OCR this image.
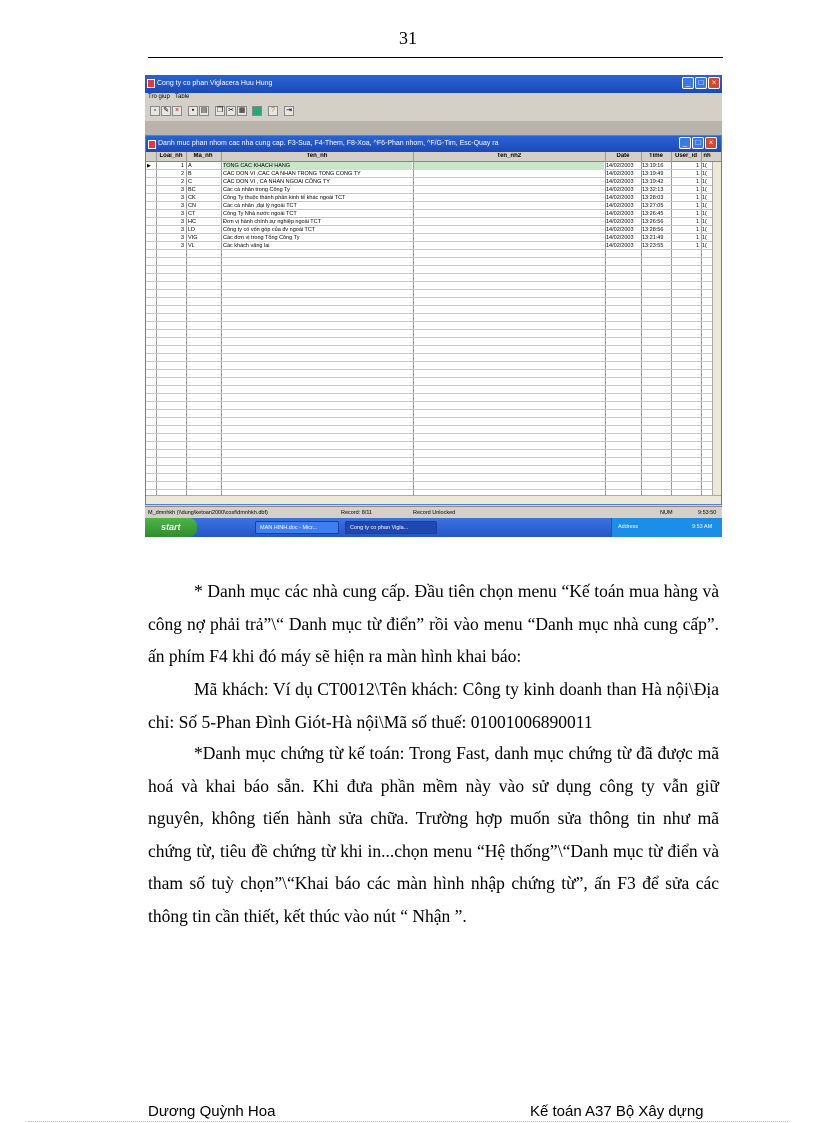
31
Cong ty co phan Viglacera Huu Hung	_	□	×
Tro giup Table
▫ ✎ ×	▪ ▤ ❐ ✂ ▦	?	⇥
Danh muc phan nhom cac nha cung cap. F3-Sua, F4-Them, F8-Xoa, ^F6-Phan nhom, ^F/G-Tim, Esc-Quay ra	_	□	×
Loai_nh	Ma_nh	Ten_nh	Ten_nh2	Date	Time	User_id	nh
▶	1 A	TONG CAC KHACH HANG	14/02/2003	13:19:16	1 1(
2 B	CAC DON VI ,CAC CA NHAN TRONG TONG CONG TY	14/02/2003	13:19:49	1 1(
2 C	CAC DON VI , CA NHAN NGOAI CÔNG TY	14/02/2003	13:19:42	1 1(
3 BC	Các cá nhân trong Công Ty	14/02/2003	13:32:13	1 1(
3 CK	Công Ty thuộc thành phần kinh tế khác ngoài TCT	14/02/2003	13:28:03	1 1(
3 CN	Các cá nhân ,đại lý ngoài TCT	14/02/2003	13:27:05	1 1(
3 CT	Công Ty Nhà nước ngoài TCT	14/02/2003	13:26:45	1 1(
3 HC	Đơn vị hành chính sự nghiệp ngoài TCT	14/02/2003	13:26:56	1 1(
3 LD	Công ty có vốn góp của đv ngoài TCT	14/02/2003	13:28:56	1 1(
3 VIG	Các đơn vị trong Tổng Công Ty	14/02/2003	13:21:49	1 1(
3 VL	Các khách vãng lai	14/02/2003	13:23:55	1 1(
M_dmnhkh (\\dung\ketoan2000\cosf\dmnhkh.dbf)	Record: 8/11	Record Unlocked	NUM	9:53:50
start	MAN HINH.doc - Micr...	Cong ty co phan Vigla...	Address	9:53 AM
* Danh mục các nhà cung cấp. Đầu tiên chọn menu “Kế toán mua hàng và công nợ phải trả”\“ Danh mục từ điển” rồi vào menu “Danh mục nhà cung cấp”. ấn phím F4 khi đó máy sẽ hiện ra màn hình khai báo:
Mã khách: Ví dụ CT0012\Tên khách: Công ty kinh doanh than Hà nội\Địa chỉ: Số 5-Phan Đình Giót-Hà nội\Mã số thuế: 01001006890011
*Danh mục chứng từ kế toán: Trong Fast, danh mục chứng từ đã được mã hoá và khai báo sẵn. Khi đưa phần mềm này vào sử dụng công ty vẫn giữ nguyên, không tiến hành sửa chữa. Trường hợp muốn sửa thông tin như mã chứng từ, tiêu đề chứng từ khi in...chọn menu “Hệ thống”\“Danh mục từ điển và tham số tuỳ chọn”\“Khai báo các màn hình nhập chứng từ”, ấn F3 để sửa các thông tin cần thiết, kết thúc vào nút “ Nhận ”.
Dương Quỳnh Hoa	Kế toán A37 Bộ Xây dựng
